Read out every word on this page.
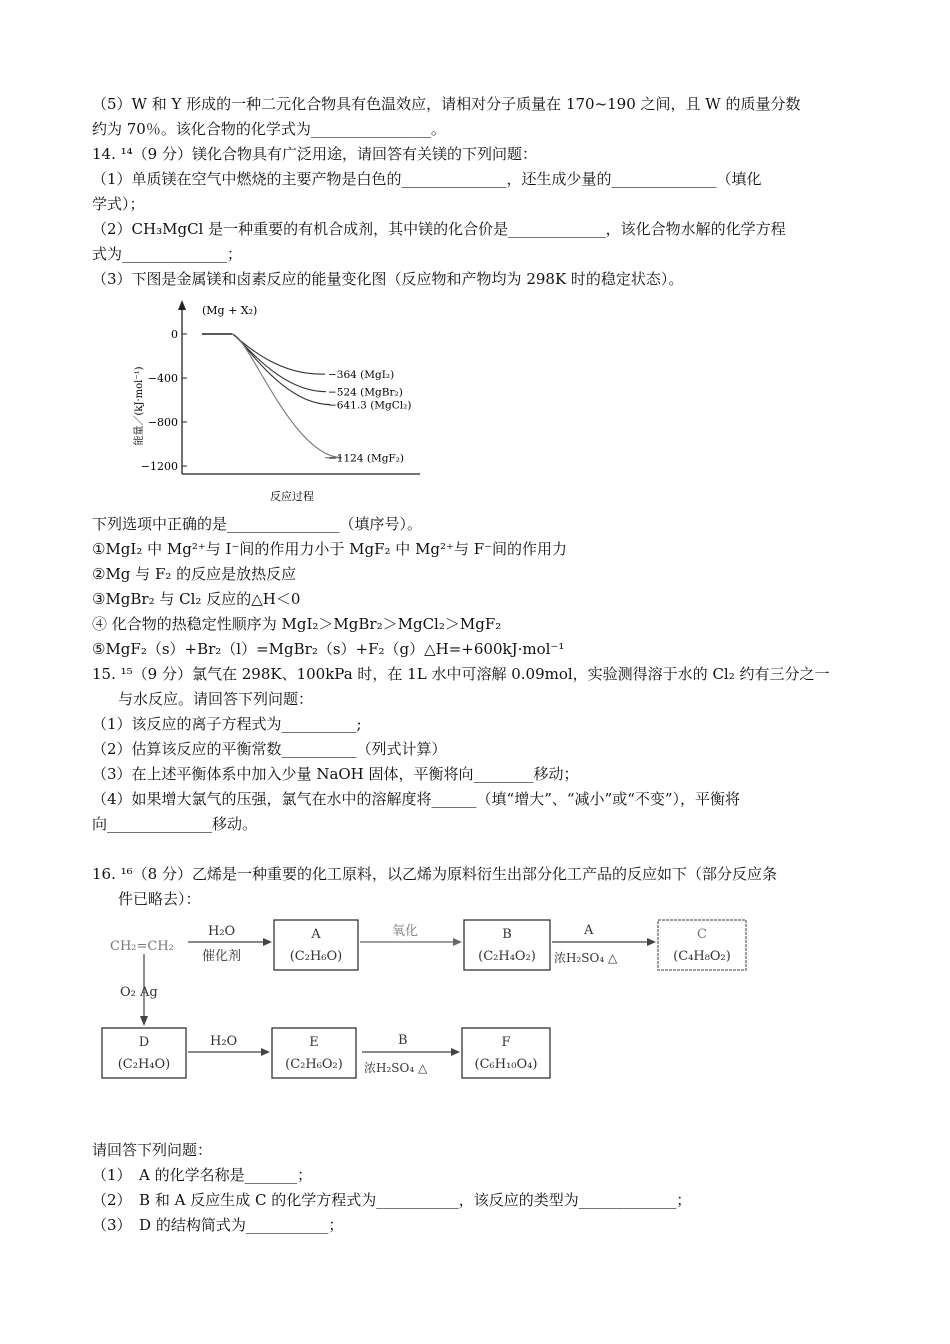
（5）W 和 Y 形成的一种二元化合物具有色温效应，请相对分子质量在 170~190 之间，且 W 的质量分数
约为 70％。该化合物的化学式为________________。
14. ¹⁴（9 分）镁化合物具有广泛用途，请回答有关镁的下列问题：
（1）单质镁在空气中燃烧的主要产物是白色的______________，还生成少量的______________（填化
学式）；
（2）CH₃MgCl 是一种重要的有机合成剂，其中镁的化合价是_____________，该化合物水解的化学方程
式为______________；
（3）下图是金属镁和卤素反应的能量变化图（反应物和产物均为 298K 时的稳定状态）。
0
−400
−800
−1200
−364 (MgI₂)
−524 (MgBr₂)
−641.3 (MgCl₂)
−1124 (MgF₂)
(Mg + X₂)
能量／(kJ·mol⁻¹)
反应过程
下列选项中正确的是_______________（填序号）。
①MgI₂ 中 Mg²⁺与 I⁻间的作用力小于 MgF₂ 中 Mg²⁺与 F⁻间的作用力
②Mg 与 F₂ 的反应是放热反应
③MgBr₂ 与 Cl₂ 反应的△H＜0
④ 化合物的热稳定性顺序为 MgI₂＞MgBr₂＞MgCl₂＞MgF₂
⑤MgF₂（s）+Br₂（l）=MgBr₂（s）+F₂（g）△H=+600kJ·mol⁻¹
15. ¹⁵（9 分）氯气在 298K、100kPa 时，在 1L 水中可溶解 0.09mol，实验测得溶于水的 Cl₂ 约有三分之一
与水反应。请回答下列问题：
（1）该反应的离子方程式为__________;
（2）估算该反应的平衡常数__________（列式计算）
（3）在上述平衡体系中加入少量 NaOH 固体，平衡将向________移动；
（4）如果增大氯气的压强，氯气在水中的溶解度将______（填“增大”、“减小”或“不变”），平衡将
向______________移动。
16. ¹⁶（8 分）乙烯是一种重要的化工原料，以乙烯为原料衍生出部分化工产品的反应如下（部分反应条
件已略去）：
CH₂=CH₂
H₂O
催化剂
A
(C₂H₆O)
氧化	B
(C₂H₄O₂)
A
浓H₂SO₄ △
C
(C₄H₈O₂)
O₂ Ag
D
(C₂H₄O)
H₂O	E
(C₂H₆O₂)
B
浓H₂SO₄ △
F
(C₆H₁₀O₄)
请回答下列问题：
（1）　A 的化学名称是_______；
（2）　B 和 A 反应生成 C 的化学方程式为___________，该反应的类型为_____________；
（3）　D 的结构简式为___________；
